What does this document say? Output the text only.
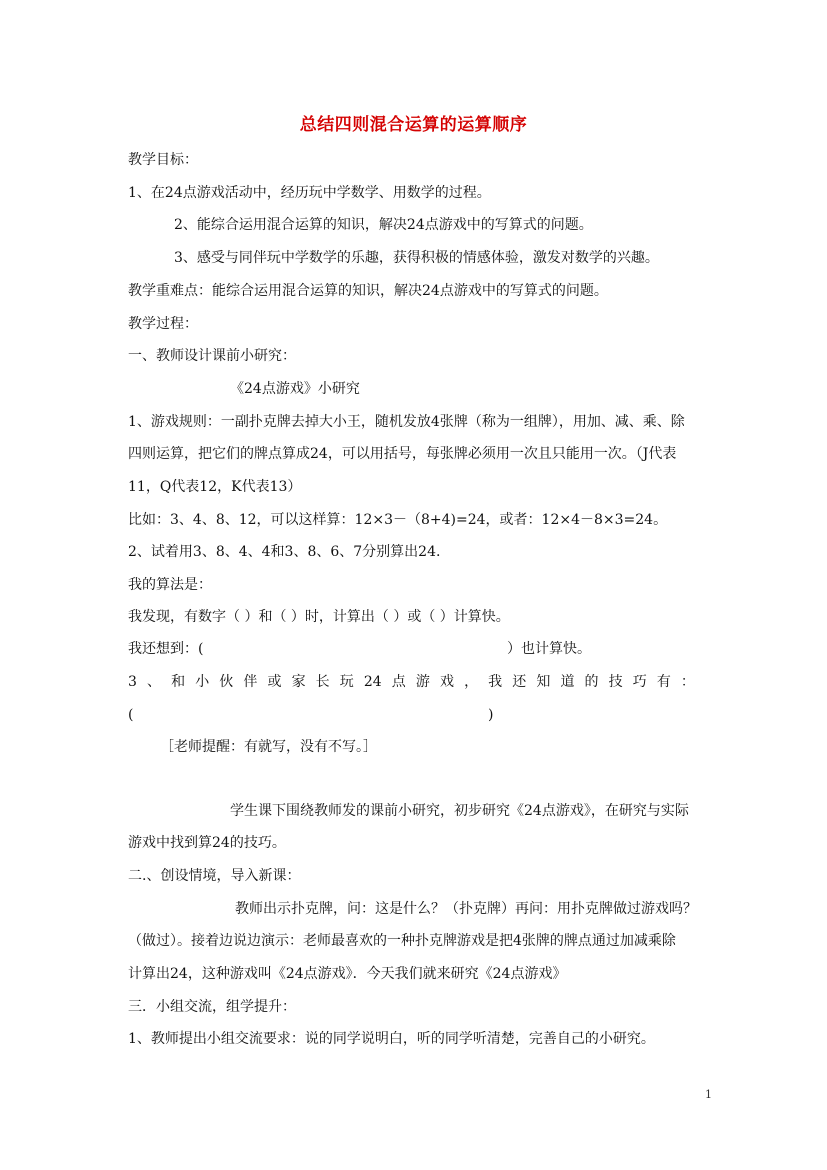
总结四则混合运算的运算顺序
教学目标：
1、在24点游戏活动中，经历玩中学数学、用数学的过程。
2、能综合运用混合运算的知识，解决24点游戏中的写算式的问题。
3、感受与同伴玩中学数学的乐趣，获得积极的情感体验，激发对数学的兴趣。
教学重难点：能综合运用混合运算的知识，解决24点游戏中的写算式的问题。
教学过程：
一、教师设计课前小研究：
《24点游戏》小研究
1、游戏规则：一副扑克牌去掉大小王，随机发放4张牌（称为一组牌），用加、减、乘、除
四则运算，把它们的牌点算成24，可以用括号，每张牌必须用一次且只能用一次。（J代表
11，Q代表12，K代表13）
比如：3、4、8、12，可以这样算：12×3－（8+4)=24，或者：12×4－8×3=24。
2、试着用3、8、4、4和3、8、6、7分别算出24.
我的算法是：
我发现，有数字（ ）和（ ）时，计算出（ ）或（ ）计算快。
我还想到：(	）也计算快。
3 、 和 小 伙 伴 或 家 长 玩 24 点 游 戏 ， 我 还 知 道 的 技 巧 有 ：
(	)
［老师提醒：有就写，没有不写。］
学生课下围绕教师发的课前小研究，初步研究《24点游戏》，在研究与实际
游戏中找到算24的技巧。
二.、创设情境，导入新课：
教师出示扑克牌，问：这是什么？（扑克牌）再问：用扑克牌做过游戏吗？
（做过）。接着边说边演示：老师最喜欢的一种扑克牌游戏是把4张牌的牌点通过加减乘除
计算出24，这种游戏叫《24点游戏》．今天我们就来研究《24点游戏》
三．小组交流，组学提升：
1、教师提出小组交流要求：说的同学说明白，听的同学听清楚，完善自己的小研究。
1
